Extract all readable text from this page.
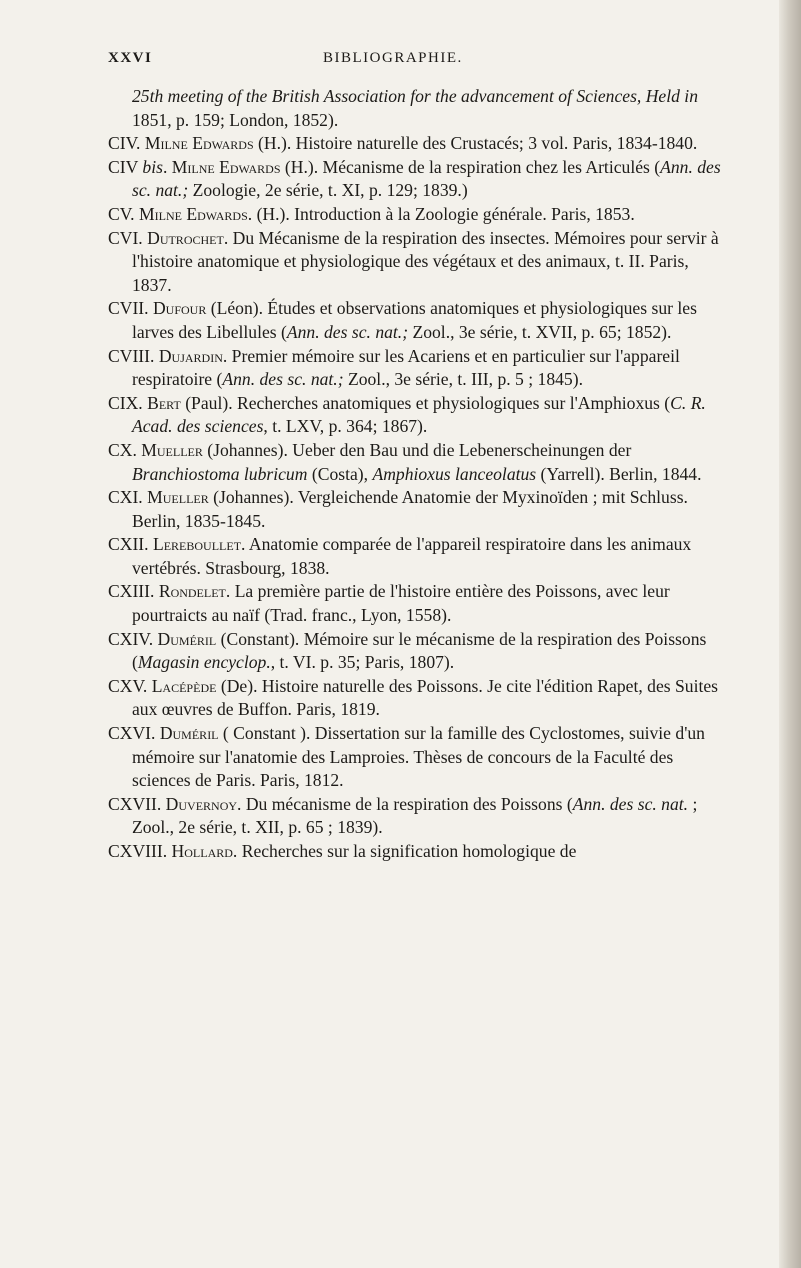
XXVI	BIBLIOGRAPHIE.

25th meeting of the British Association for the advancement of Sciences, Held in 1851, p. 159; London, 1852).

CIV. Milne Edwards (H.). Histoire naturelle des Crustacés; 3 vol. Paris, 1834-1840.

CIV bis. Milne Edwards (H.). Mécanisme de la respiration chez les Articulés (Ann. des sc. nat.; Zoologie, 2e série, t. XI, p. 129; 1839.)

CV. Milne Edwards. (H.). Introduction à la Zoologie générale. Paris, 1853.

CVI. Dutrochet. Du Mécanisme de la respiration des insectes. Mémoires pour servir à l'histoire anatomique et physiologique des végétaux et des animaux, t. II. Paris, 1837.

CVII. Dufour (Léon). Études et observations anatomiques et physiologiques sur les larves des Libellules (Ann. des sc. nat.; Zool., 3e série, t. XVII, p. 65; 1852).

CVIII. Dujardin. Premier mémoire sur les Acariens et en particulier sur l'appareil respiratoire (Ann. des sc. nat.; Zool., 3e série, t. III, p. 5 ; 1845).

CIX. Bert (Paul). Recherches anatomiques et physiologiques sur l'Amphioxus (C. R. Acad. des sciences, t. LXV, p. 364; 1867).

CX. Mueller (Johannes). Ueber den Bau und die Lebenerscheinungen der Branchiostoma lubricum (Costa), Amphioxus lanceolatus (Yarrell). Berlin, 1844.

CXI. Mueller (Johannes). Vergleichende Anatomie der Myxinoïden ; mit Schluss. Berlin, 1835-1845.

CXII. Lereboullet. Anatomie comparée de l'appareil respiratoire dans les animaux vertébrés. Strasbourg, 1838.

CXIII. Rondelet. La première partie de l'histoire entière des Poissons, avec leur pourtraicts au naïf (Trad. franc., Lyon, 1558).

CXIV. Duméril (Constant). Mémoire sur le mécanisme de la respiration des Poissons (Magasin encyclop., t. VI. p. 35; Paris, 1807).

CXV. Lacépède (De). Histoire naturelle des Poissons. Je cite l'édition Rapet, des Suites aux œuvres de Buffon. Paris, 1819.

CXVI. Duméril ( Constant ). Dissertation sur la famille des Cyclostomes, suivie d'un mémoire sur l'anatomie des Lamproies. Thèses de concours de la Faculté des sciences de Paris. Paris, 1812.

CXVII. Duvernoy. Du mécanisme de la respiration des Poissons (Ann. des sc. nat. ; Zool., 2e série, t. XII, p. 65 ; 1839).

CXVIII. Hollard. Recherches sur la signification homologique de
